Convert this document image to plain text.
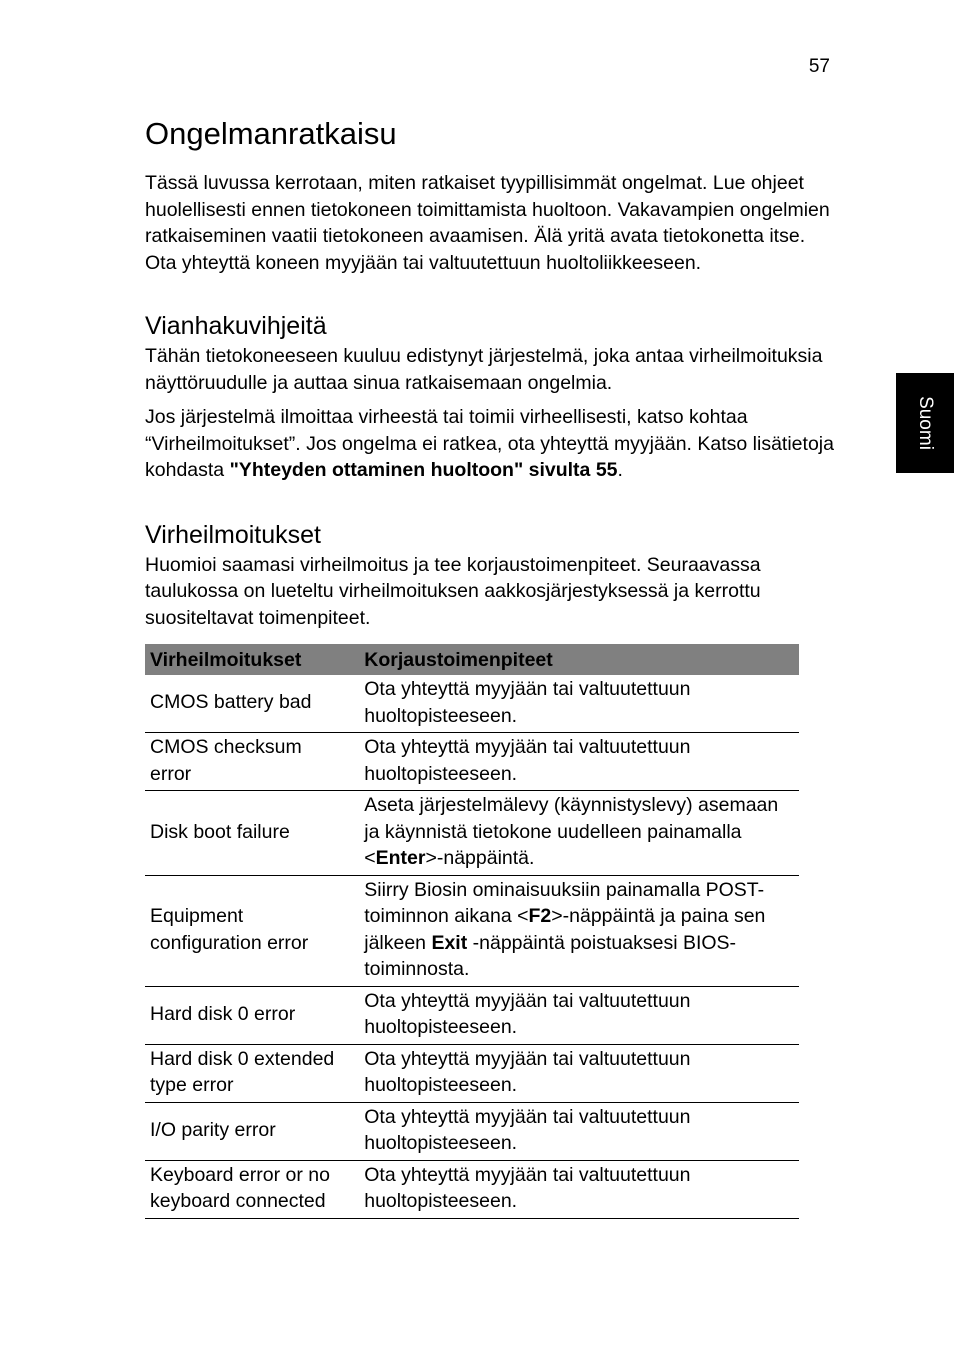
57
Suomi
Ongelmanratkaisu

Tässä luvussa kerrotaan, miten ratkaiset tyypillisimmät ongelmat. Lue ohjeet huolellisesti ennen tietokoneen toimittamista huoltoon. Vakavampien ongelmien ratkaiseminen vaatii tietokoneen avaamisen. Älä yritä avata tietokonetta itse. Ota yhteyttä koneen myyjään tai valtuutettuun huoltoliikkeeseen.

Vianhakuvihjeitä

Tähän tietokoneeseen kuuluu edistynyt järjestelmä, joka antaa virheilmoituksia näyttöruudulle ja auttaa sinua ratkaisemaan ongelmia.

Jos järjestelmä ilmoittaa virheestä tai toimii virheellisesti, katso kohtaa “Virheilmoitukset”. Jos ongelma ei ratkea, ota yhteyttä myyjään. Katso lisätietoja kohdasta "Yhteyden ottaminen huoltoon" sivulta 55.

Virheilmoitukset

Huomioi saamasi virheilmoitus ja tee korjaustoimenpiteet. Seuraavassa taulukossa on lueteltu virheilmoituksen aakkosjärjestyksessä ja kerrottu suositeltavat toimenpiteet.

Virheilmoitukset	Korjaustoimenpiteet
CMOS battery bad	Ota yhteyttä myyjään tai valtuutettuun huoltopisteeseen.
CMOS checksum
error	Ota yhteyttä myyjään tai valtuutettuun huoltopisteeseen.
Disk boot failure	Aseta järjestelmälevy (käynnistyslevy) asemaan ja käynnistä tietokone uudelleen painamalla <Enter>-näppäintä.
Equipment
configuration error	Siirry Biosin ominaisuuksiin painamalla POST-toiminnon aikana <F2>-näppäintä ja paina sen jälkeen Exit -näppäintä poistuaksesi BIOS-toiminnosta.
Hard disk 0 error	Ota yhteyttä myyjään tai valtuutettuun huoltopisteeseen.
Hard disk 0 extended
type error	Ota yhteyttä myyjään tai valtuutettuun huoltopisteeseen.
I/O parity error	Ota yhteyttä myyjään tai valtuutettuun huoltopisteeseen.
Keyboard error or no
keyboard connected	Ota yhteyttä myyjään tai valtuutettuun huoltopisteeseen.
